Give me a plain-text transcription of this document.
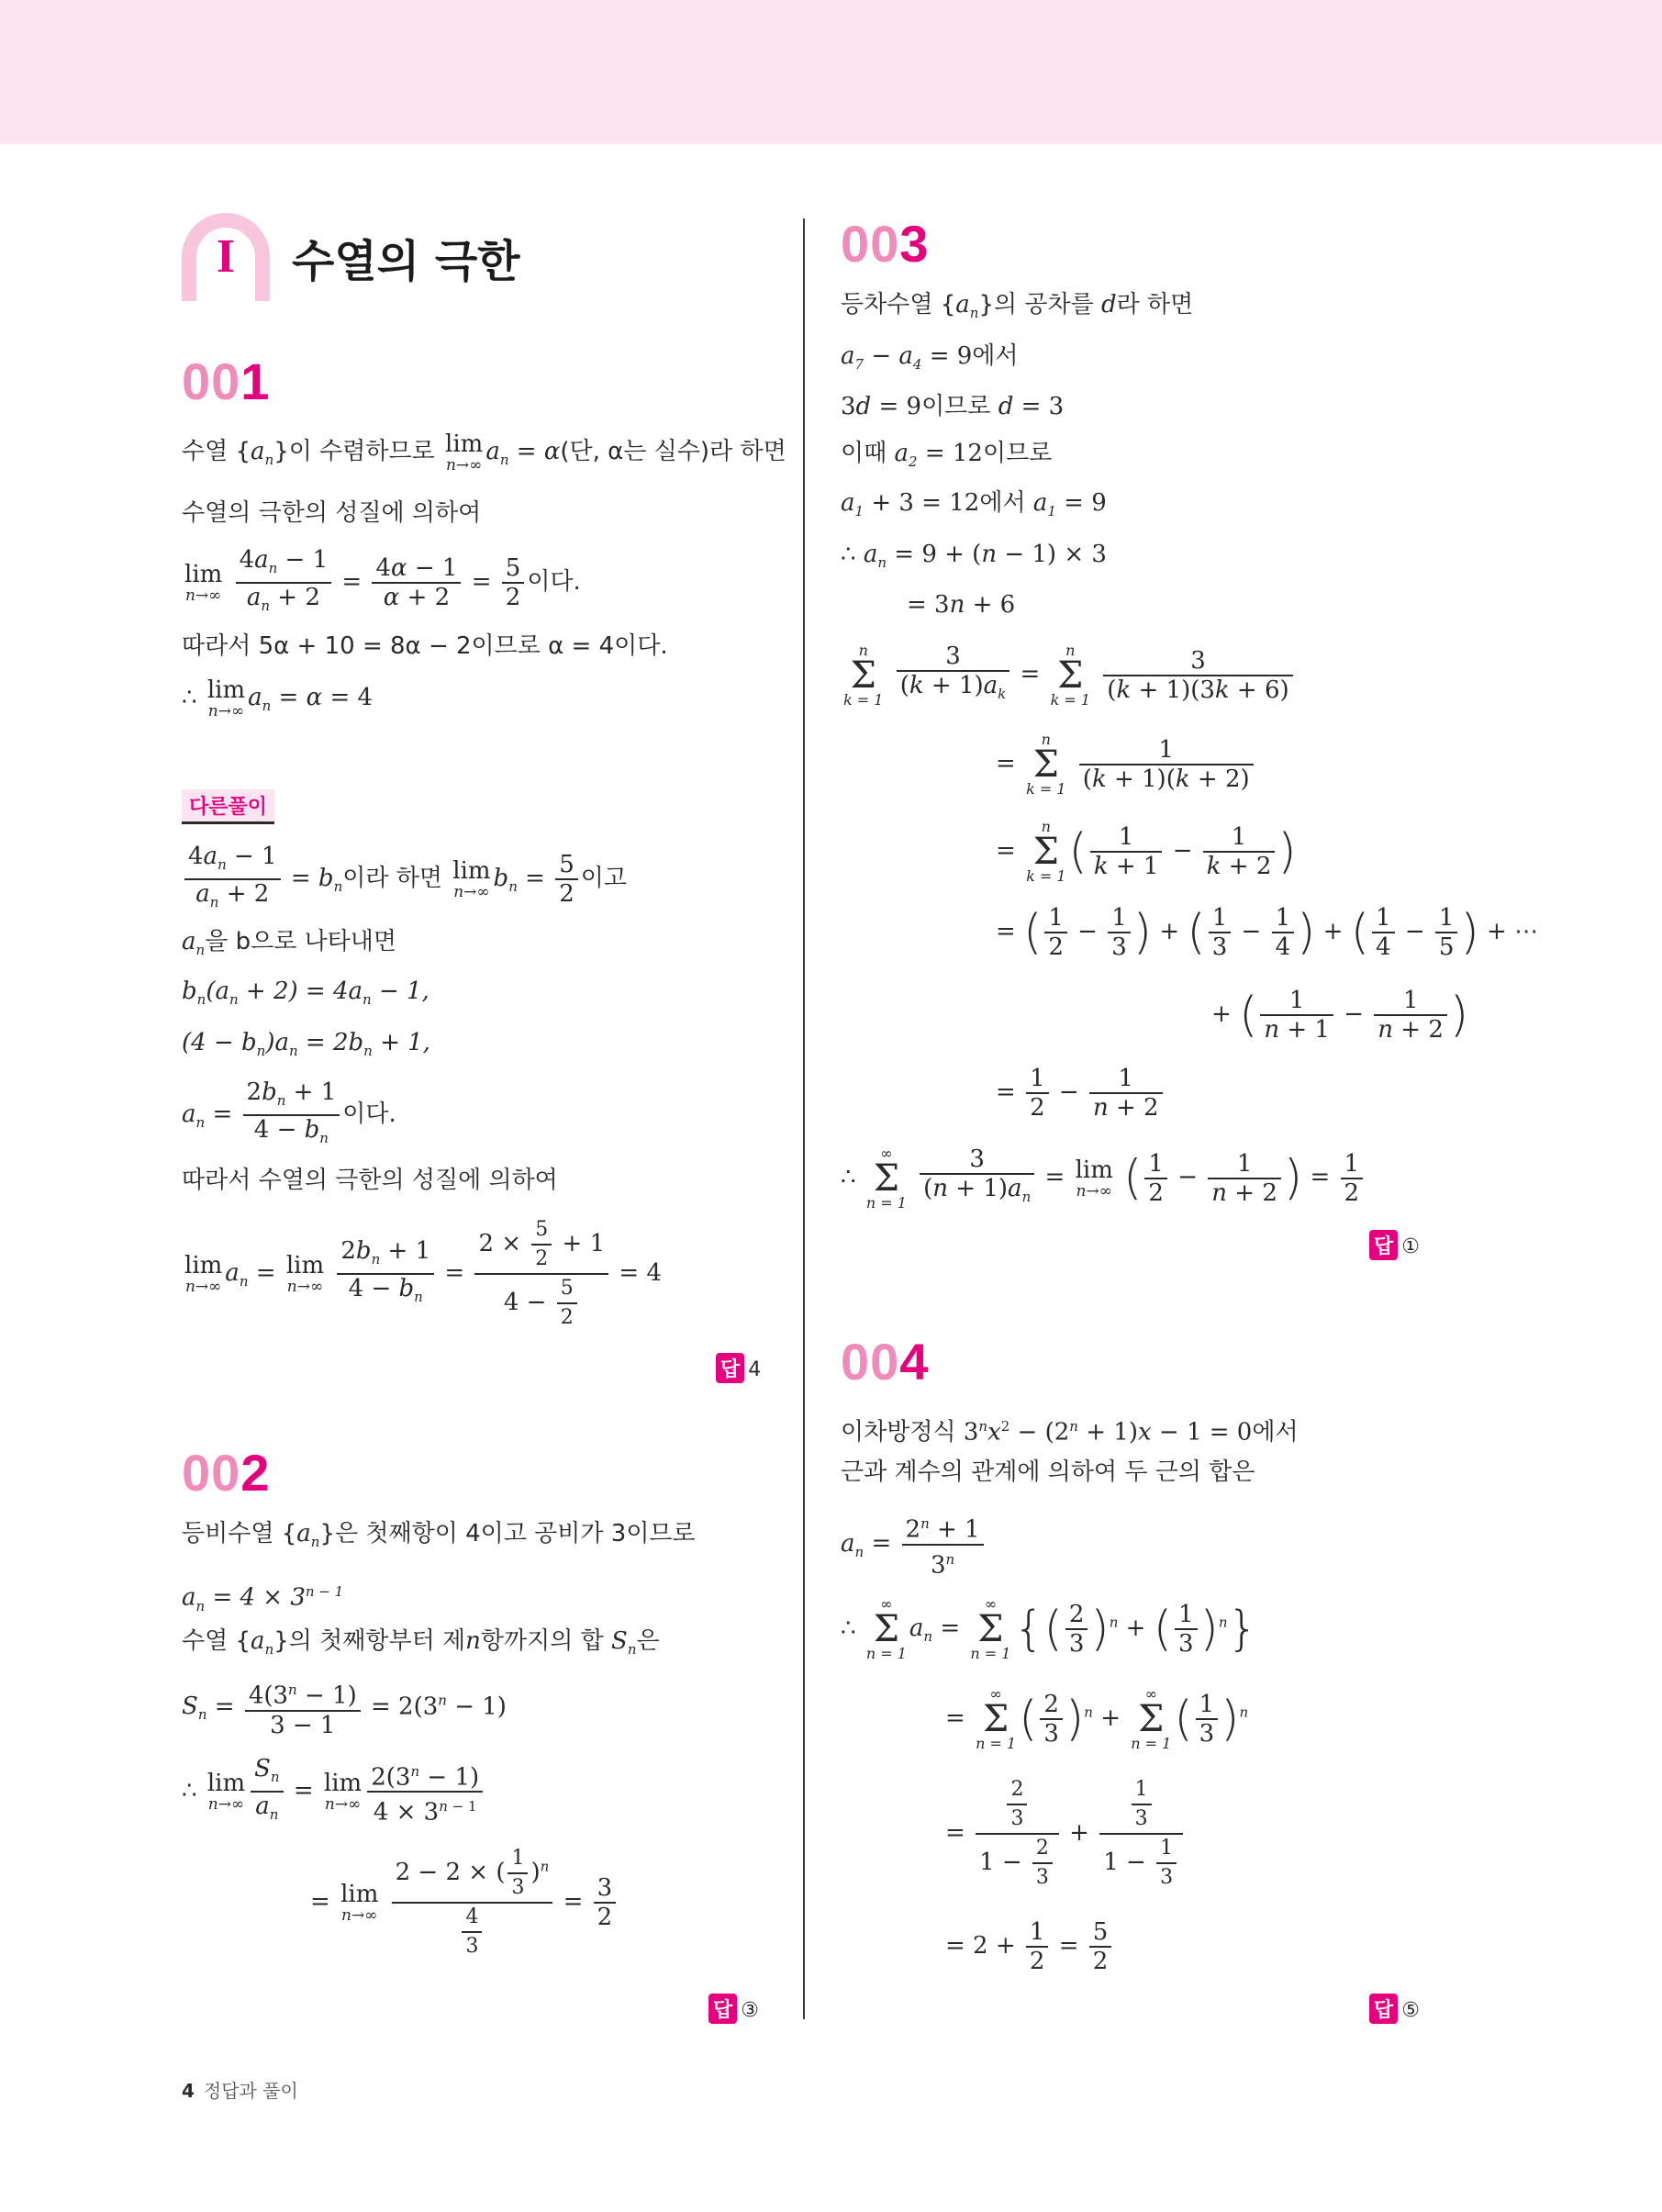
I 수열의 극한
001
수열 $\{a_n\}$이 수렴하므로 lim
n→∞ $a_n = \alpha$(단, α는 실수)라 하면
수열의 극한의 성질에 의하여
lim
n→∞
$\frac{4a_n - 1}{a_n + 2} = \frac{4\alpha - 1}{\alpha + 2} = \frac{5}{2}$ 이다.
따라서 5α + 10 = 8α − 2이므로 α = 4이다.
∴ lim
n→∞ $a_n = \alpha = 4$
다른풀이
$\frac{4a_n - 1}{a_n + 2} = b_n$이라 하면 lim
n→∞ $b_n = \frac{5}{2}$ 이고
$a_n$을 b으로 나타내면
$b_n(a_n + 2) = 4a_n - 1$,
$(4 - b_n)a_n = 2b_n + 1$,
$a_n = \frac{2b_n + 1}{4 - b_n}$ 이다.
따라서 수열의 극한의 성질에 의하여
lim
n→∞ $a_n = \lim$
n→∞
$\frac{2b_n + 1}{4 - b_n} = \frac{2 \times \frac{5}{2} + 1}{4 - \frac{5}{2}} = 4$
답 4
002
등비수열 $\{a_n\}$은 첫째항이 4이고 공비가 3이므로
$a_n = 4 \times 3^{n - 1}$
수열 $\{a_n\}$의 첫째항부터 제n항까지의 합 $S_n$은
$S_n = \frac{4(3^n - 1)}{3 - 1} = 2(3^n - 1)$
∴ lim
$n\to\infty \frac{S_n}{a_n} = \lim$
$n\to\infty \frac{2(3^n - 1)}{4 \times 3^{n - 1}}$
= lim
n→∞
$\frac{2 - 2 \times ( \frac{1}{3} )^n}{\frac{4}{3}} = \frac{3}{2}$
답 ③
003
등차수열 $\{a_n\}$의 공차를 d라 하면
$a_7 - a_4 = 9$에서
3d = 9이므로 d = 3
이때 $a_2 = 12$이므로
$a_1 + 3 = 12$에서 $a_1 = 9$
∴ $a_n = 9 + (n - 1) \times 3$
= 3n + 6
n
Σ
k = 1
$\frac{3}{(k + 1)a_k}$ =
n
Σ
k = 1
$\frac{3}{(k + 1)(3k + 6)}$
=
n
Σ
k = 1
$\frac{1}{(k + 1)(k + 2)}$
=
n
Σ
k = 1 ( $\frac{1}{k + 1} - \frac{1}{k + 2}$ )
= ( $\frac{1}{2} - \frac{1}{3}$ ) + ( $\frac{1}{3} - \frac{1}{4}$ ) + ( $\frac{1}{4} - \frac{1}{5}$ ) + ⋯
+ ( $\frac{1}{n + 1} - \frac{1}{n + 2}$ )
= $\frac{1}{2} - \frac{1}{n + 2}$
∴
∞
Σ
n = 1
$\frac{3}{(n + 1)a_n} = \lim$
n→∞ ( $\frac{1}{2} - \frac{1}{n + 2}$ ) = $\frac{1}{2}$
답 ①
004
이차방정식 $3^nx^2 - (2^n + 1)x - 1 = 0$에서
근과 계수의 관계에 의하여 두 근의 합은
$a_n = \frac{2^n + 1}{3^n}$
∴
∞
Σ
n = 1
$a_n$ =
∞
Σ
n = 1 {( $\frac{2}{3} )^n$ + ( $\frac{1}{3} )^n$}
=
∞
Σ
n = 1 ( $\frac{2}{3} )^n$ +
∞
Σ
n = 1 ( $\frac{1}{3} )^n$
= $\frac{\frac{2}{3}}{1 - \frac{2}{3}} + \frac{\frac{1}{3}}{1 - \frac{1}{3}}$
= $2 + \frac{1}{2} = \frac{5}{2}$
답 ⑤
4 정답과 풀이
